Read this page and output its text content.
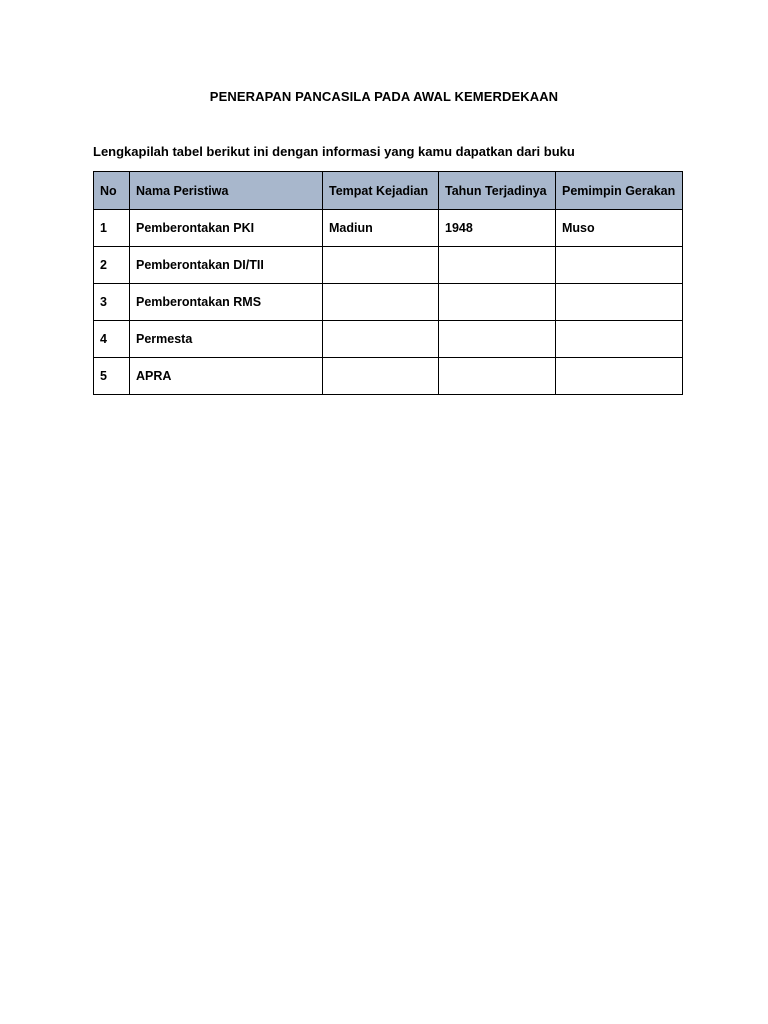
PENERAPAN PANCASILA PADA AWAL KEMERDEKAAN
Lengkapilah tabel berikut ini dengan informasi yang kamu dapatkan dari buku
No	Nama Peristiwa	Tempat Kejadian	Tahun Terjadinya	Pemimpin Gerakan
1	Pemberontakan PKI	Madiun	1948	Muso
2	Pemberontakan DI/TII			
3	Pemberontakan RMS			
4	Permesta			
5	APRA			
